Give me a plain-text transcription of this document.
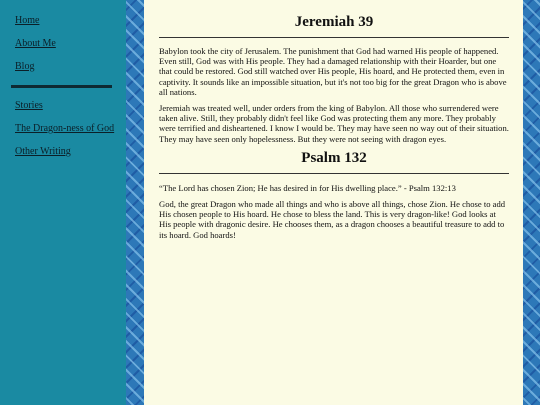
Home
About Me
Blog
Stories
The Dragon-ness of God
Other Writing
Jeremiah 39

Babylon took the city of Jerusalem. The punishment that God had warned His people of happened. Even still, God was with His people. They had a damaged relationship with their Hoarder, but one that could be restored. God still watched over His people, His hoard, and He protected them, even in captivity. It sounds like an impossible situation, but it's not too big for the great Dragon who is above all nations.

Jeremiah was treated well, under orders from the king of Babylon. All those who surrendered were taken alive. Still, they probably didn't feel like God was protecting them any more. They probably were terrified and disheartened. I know I would be. They may have seen no way out of their situation. They may have seen only hopelessness. But they were not seeing with dragon eyes.

Psalm 132

“The Lord has chosen Zion; He has desired in for His dwelling place.” - Psalm 132:13

God, the great Dragon who made all things and who is above all things, chose Zion. He chose to add His chosen people to His hoard. He chose to bless the land. This is very dragon-like! God looks at His people with dragonic desire. He chooses them, as a dragon chooses a beautiful treasure to add to its hoard. God hoards!
